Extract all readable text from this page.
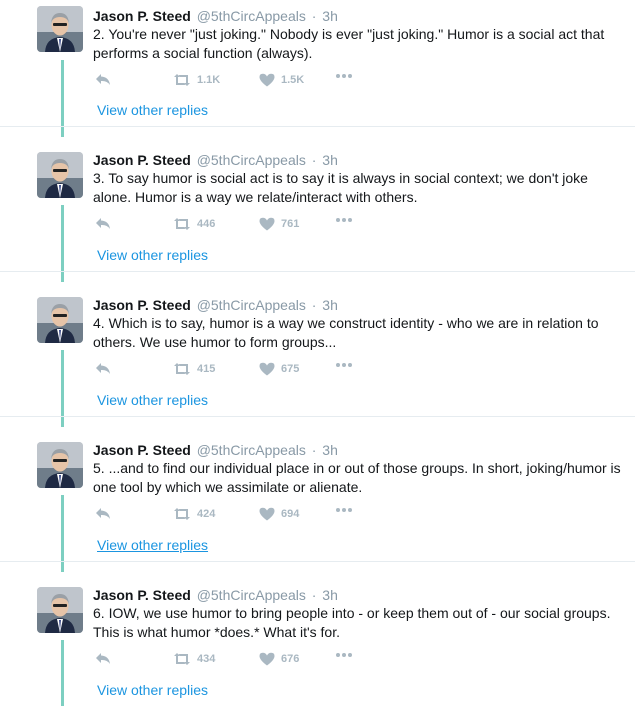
Jason P. Steed @5thCircAppeals · 3h
2. You're never "just joking." Nobody is ever "just joking." Humor is a social act that performs a social function (always).
1.1K	1.5K
View other replies
Jason P. Steed @5thCircAppeals · 3h
3. To say humor is social act is to say it is always in social context; we don't joke alone. Humor is a way we relate/interact with others.
446	761
View other replies
Jason P. Steed @5thCircAppeals · 3h
4. Which is to say, humor is a way we construct identity - who we are in relation to others. We use humor to form groups...
415	675
View other replies
Jason P. Steed @5thCircAppeals · 3h
5. ...and to find our individual place in or out of those groups. In short, joking/humor is one tool by which we assimilate or alienate.
424	694
View other replies
Jason P. Steed @5thCircAppeals · 3h
6. IOW, we use humor to bring people into - or keep them out of - our social groups. This is what humor *does.* What it's for.
434	676
View other replies
